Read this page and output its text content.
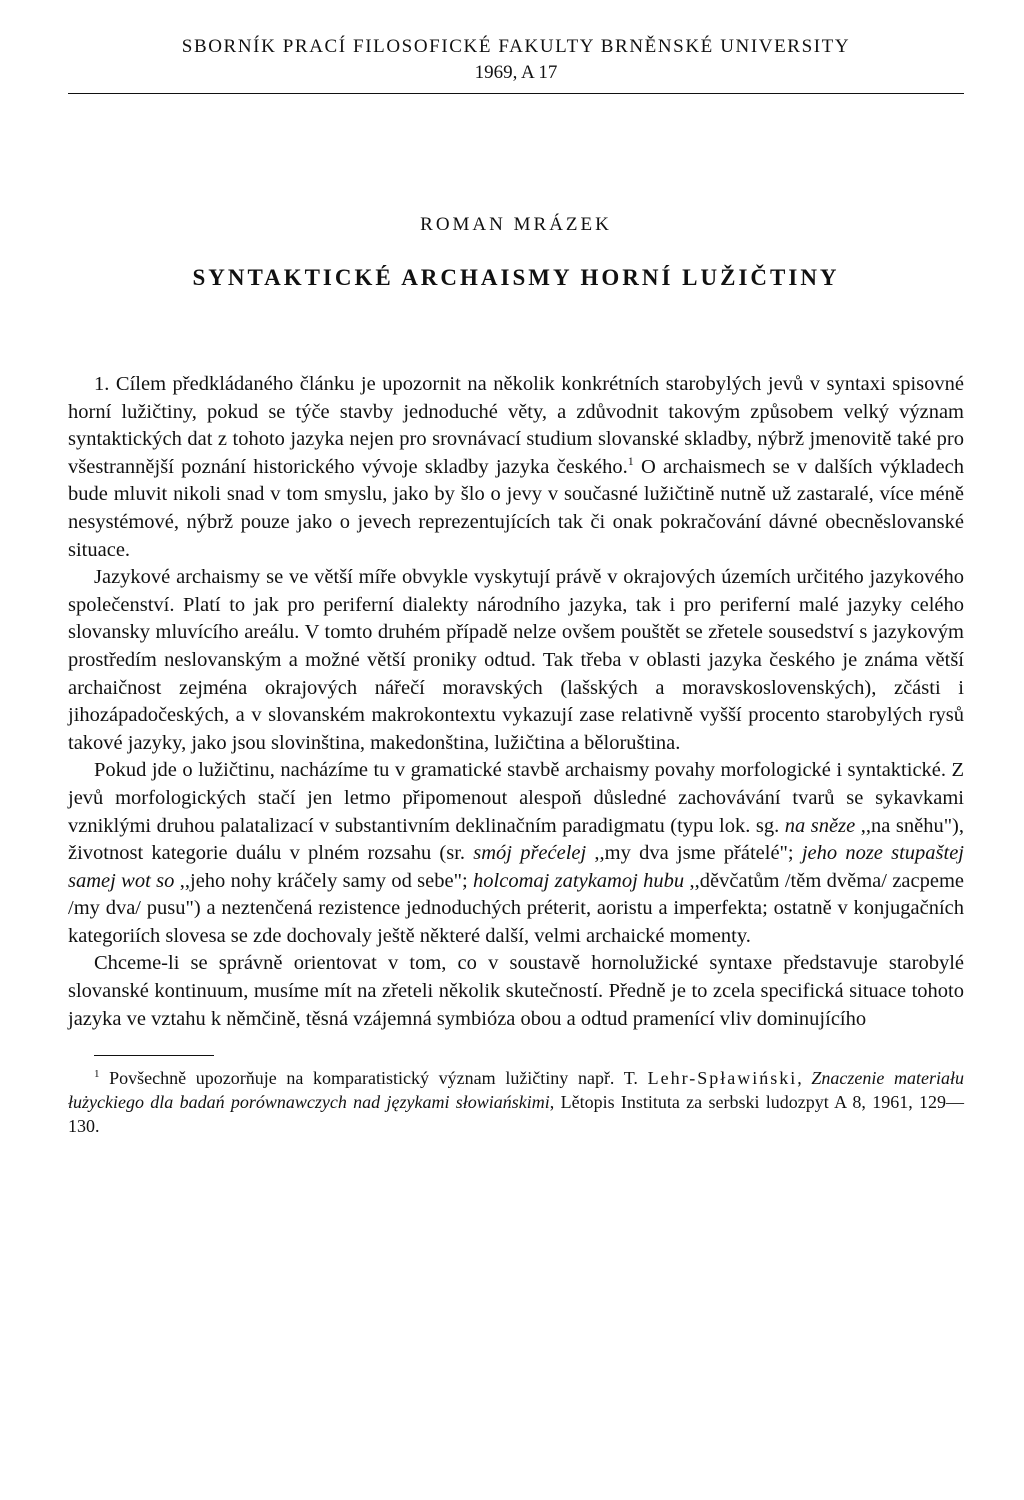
SBORNÍK PRACÍ FILOSOFICKÉ FAKULTY BRNĚNSKÉ UNIVERSITY
1969, A 17
ROMAN MRÁZEK
SYNTAKTICKÉ ARCHAISMY HORNÍ LUŽIČTINY

1. Cílem předkládaného článku je upozornit na několik konkrétních starobylých jevů v syntaxi spisovné horní lužičtiny, pokud se týče stavby jednoduché věty, a zdůvodnit takovým způsobem velký význam syntaktických dat z tohoto jazyka nejen pro srovnávací studium slovanské skladby, nýbrž jmenovitě také pro všestrannější poznání historického vývoje skladby jazyka českého.$^1$ O archaismech se v dalších výkladech bude mluvit nikoli snad v tom smyslu, jako by šlo o jevy v současné lužičtině nutně už zastaralé, více méně nesystémové, nýbrž pouze jako o jevech reprezentujících tak či onak pokračování dávné obecněslovanské situace.

Jazykové archaismy se ve větší míře obvykle vyskytují právě v okrajových územích určitého jazykového společenství. Platí to jak pro periferní dialekty národního jazyka, tak i pro periferní malé jazyky celého slovansky mluvícího areálu. V tomto druhém případě nelze ovšem pouštět se zřetele sousedství s jazykovým prostředím neslovanským a možné větší proniky odtud. Tak třeba v oblasti jazyka českého je známa větší archaičnost zejména okrajových nářečí moravských (lašských a moravskoslovenských), zčásti i jihozápadočeských, a v slovanském makrokontextu vykazují zase relativně vyšší procento starobylých rysů takové jazyky, jako jsou slovinština, makedonština, lužičtina a běloruština.

Pokud jde o lužičtinu, nacházíme tu v gramatické stavbě archaismy povahy morfologické i syntaktické. Z jevů morfologických stačí jen letmo připomenout alespoň důsledné zachovávání tvarů se sykavkami vzniklými druhou palatalizací v substantivním deklinačním paradigmatu (typu lok. sg. na sněze ,,na sněhu"), životnost kategorie duálu v plném rozsahu (sr. smój přećelej ,,my dva jsme přátelé"; jeho noze stupaštej samej wot so ,,jeho nohy kráčely samy od sebe"; holcomaj zatykamoj hubu ,,děvčatům /těm dvěma/ zacpeme /my dva/ pusu") a neztenčená rezistence jednoduchých préterit, aoristu a imperfekta; ostatně v konjugačních kategoriích slovesa se zde dochovaly ještě některé další, velmi archaické momenty.

Chceme-li se správně orientovat v tom, co v soustavě hornolužické syntaxe představuje starobylé slovanské kontinuum, musíme mít na zřeteli několik skutečností. Předně je to zcela specifická situace tohoto jazyka ve vztahu k němčině, těsná vzájemná symbióza obou a odtud pramenící vliv dominujícího

$^1$ Povšechně upozorňuje na komparatistický význam lužičtiny např. T. Lehr-Spławiński, Znaczenie materiału łużyckiego dla badań porównawczych nad językami słowiańskimi, Lětopis Instituta za serbski ludozpyt A 8, 1961, 129—130.
